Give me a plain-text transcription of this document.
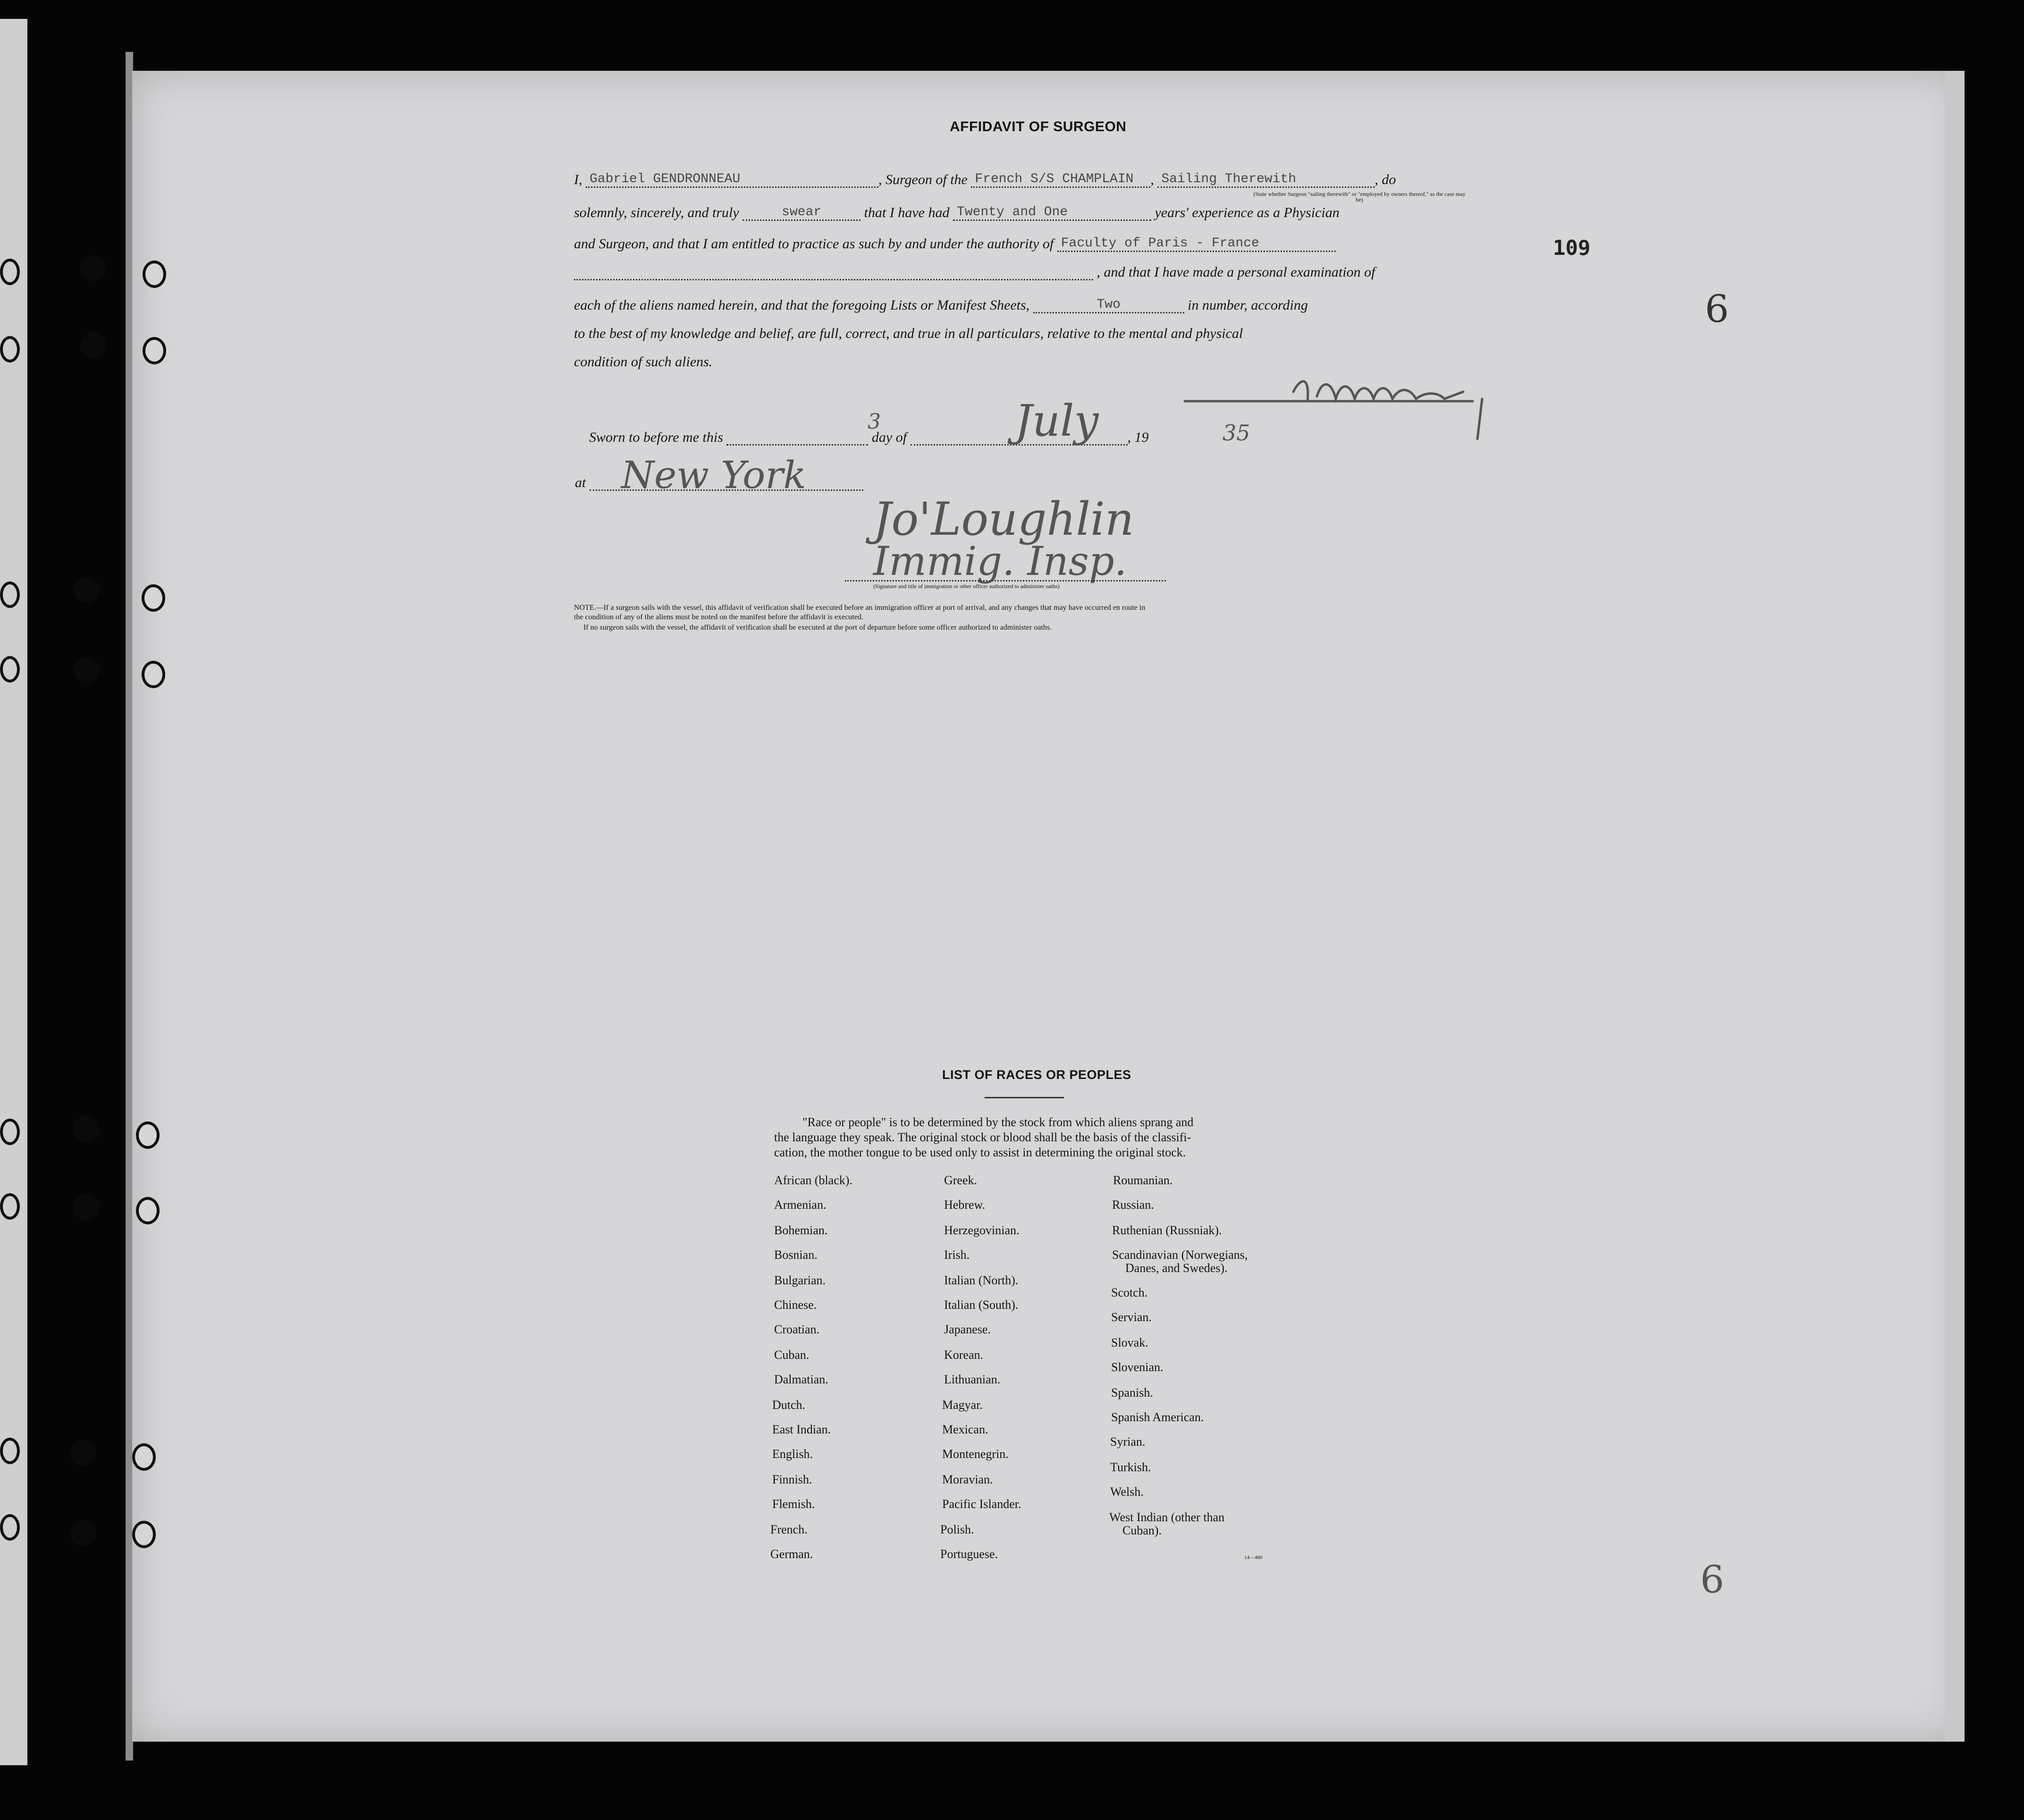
109
6
6
AFFIDAVIT OF SURGEON
I, Gabriel GENDRONNEAU	, Surgeon of the French S/S CHAMPLAIN , Sailing Therewith	, do
(State whether Surgeon "sailing therewith" or "employed by owners thereof," as the case may be)
solemnly, sincerely, and truly	swear	that I have had Twenty and One	years' experience as a Physician
and Surgeon, and that I am entitled to practice as such by and under the authority of Faculty of Paris - France
, and that I have made a personal examination of
each of the aliens named herein, and that the foregoing Lists or Manifest Sheets,	Two	in number, according
to the best of my knowledge and belief, are full, correct, and true in all particulars, relative to the mental and physical
condition of such aliens.
Sworn to before me this	day of	, 19
3	July	35
at New York
Jo'Loughlin
Immig. Insp.
(Signature and title of immigration or other officer authorized to administer oaths)
NOTE.—If a surgeon sails with the vessel, this affidavit of verification shall be executed before an immigration officer at port of arrival, and any changes that may have occurred en route in
the condition of any of the aliens must be noted on the manifest before the affidavit is executed.
If no surgeon sails with the vessel, the affidavit of verification shall be executed at the port of departure before some officer authorized to administer oaths.
LIST OF RACES OR PEOPLES
"Race or people" is to be determined by the stock from which aliens sprang and
the language they speak. The original stock or blood shall be the basis of the classifi-
cation, the mother tongue to be used only to assist in determining the original stock.
African (black).
Armenian.
Bohemian.
Bosnian.
Bulgarian.
Chinese.
Croatian.
Cuban.
Dalmatian.
Dutch.
East Indian.
English.
Finnish.
Flemish.
French.
German.
Greek.
Hebrew.
Herzegovinian.
Irish.
Italian (North).
Italian (South).
Japanese.
Korean.
Lithuanian.
Magyar.
Mexican.
Montenegrin.
Moravian.
Pacific Islander.
Polish.
Portuguese.
Roumanian.
Russian.
Ruthenian (Russniak).
Scandinavian (Norwegians,
Danes, and Swedes).
Scotch.
Servian.
Slovak.
Slovenian.
Spanish.
Spanish American.
Syrian.
Turkish.
Welsh.
West Indian (other than
Cuban).
14—480
